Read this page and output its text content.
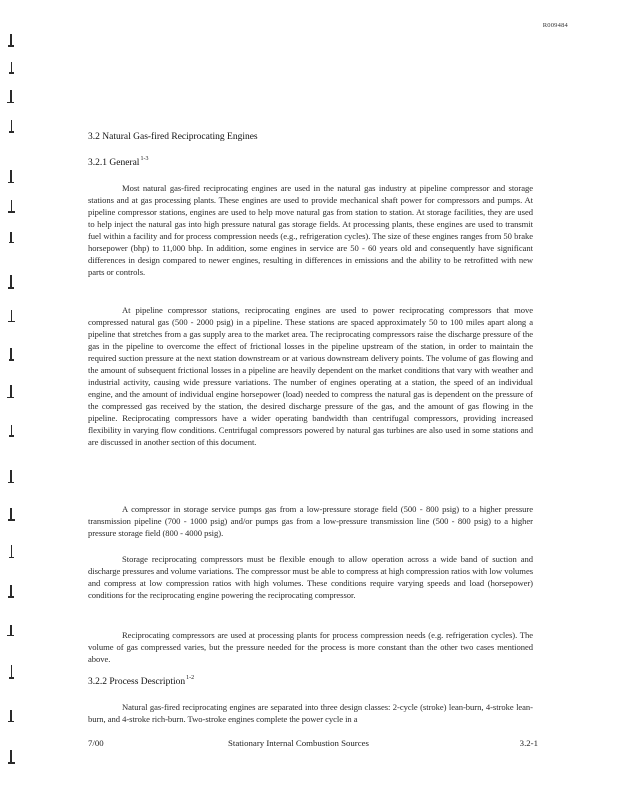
R009484
3.2 Natural Gas-fired Reciprocating Engines
3.2.1 General$^{1-3}$

Most natural gas-fired reciprocating engines are used in the natural gas industry at pipeline compressor and storage stations and at gas processing plants. These engines are used to provide mechanical shaft power for compressors and pumps. At pipeline compressor stations, engines are used to help move natural gas from station to station. At storage facilities, they are used to help inject the natural gas into high pressure natural gas storage fields. At processing plants, these engines are used to transmit fuel within a facility and for process compression needs (e.g., refrigeration cycles). The size of these engines ranges from 50 brake horsepower (bhp) to 11,000 bhp. In addition, some engines in service are 50 - 60 years old and consequently have significant differences in design compared to newer engines, resulting in differences in emissions and the ability to be retrofitted with new parts or controls.

At pipeline compressor stations, reciprocating engines are used to power reciprocating compressors that move compressed natural gas (500 - 2000 psig) in a pipeline. These stations are spaced approximately 50 to 100 miles apart along a pipeline that stretches from a gas supply area to the market area. The reciprocating compressors raise the discharge pressure of the gas in the pipeline to overcome the effect of frictional losses in the pipeline upstream of the station, in order to maintain the required suction pressure at the next station downstream or at various downstream delivery points. The volume of gas flowing and the amount of subsequent frictional losses in a pipeline are heavily dependent on the market conditions that vary with weather and industrial activity, causing wide pressure variations. The number of engines operating at a station, the speed of an individual engine, and the amount of individual engine horsepower (load) needed to compress the natural gas is dependent on the pressure of the compressed gas received by the station, the desired discharge pressure of the gas, and the amount of gas flowing in the pipeline. Reciprocating compressors have a wider operating bandwidth than centrifugal compressors, providing increased flexibility in varying flow conditions. Centrifugal compressors powered by natural gas turbines are also used in some stations and are discussed in another section of this document.

A compressor in storage service pumps gas from a low-pressure storage field (500 - 800 psig) to a higher pressure transmission pipeline (700 - 1000 psig) and/or pumps gas from a low-pressure transmission line (500 - 800 psig) to a higher pressure storage field (800 - 4000 psig).

Storage reciprocating compressors must be flexible enough to allow operation across a wide band of suction and discharge pressures and volume variations. The compressor must be able to compress at high compression ratios with low volumes and compress at low compression ratios with high volumes. These conditions require varying speeds and load (horsepower) conditions for the reciprocating engine powering the reciprocating compressor.

Reciprocating compressors are used at processing plants for process compression needs (e.g. refrigeration cycles). The volume of gas compressed varies, but the pressure needed for the process is more constant than the other two cases mentioned above.

3.2.2 Process Description$^{1-2}$

Natural gas-fired reciprocating engines are separated into three design classes: 2-cycle (stroke) lean-burn, 4-stroke lean-burn, and 4-stroke rich-burn. Two-stroke engines complete the power cycle in a

7/00	Stationary Internal Combustion Sources	3.2-1
